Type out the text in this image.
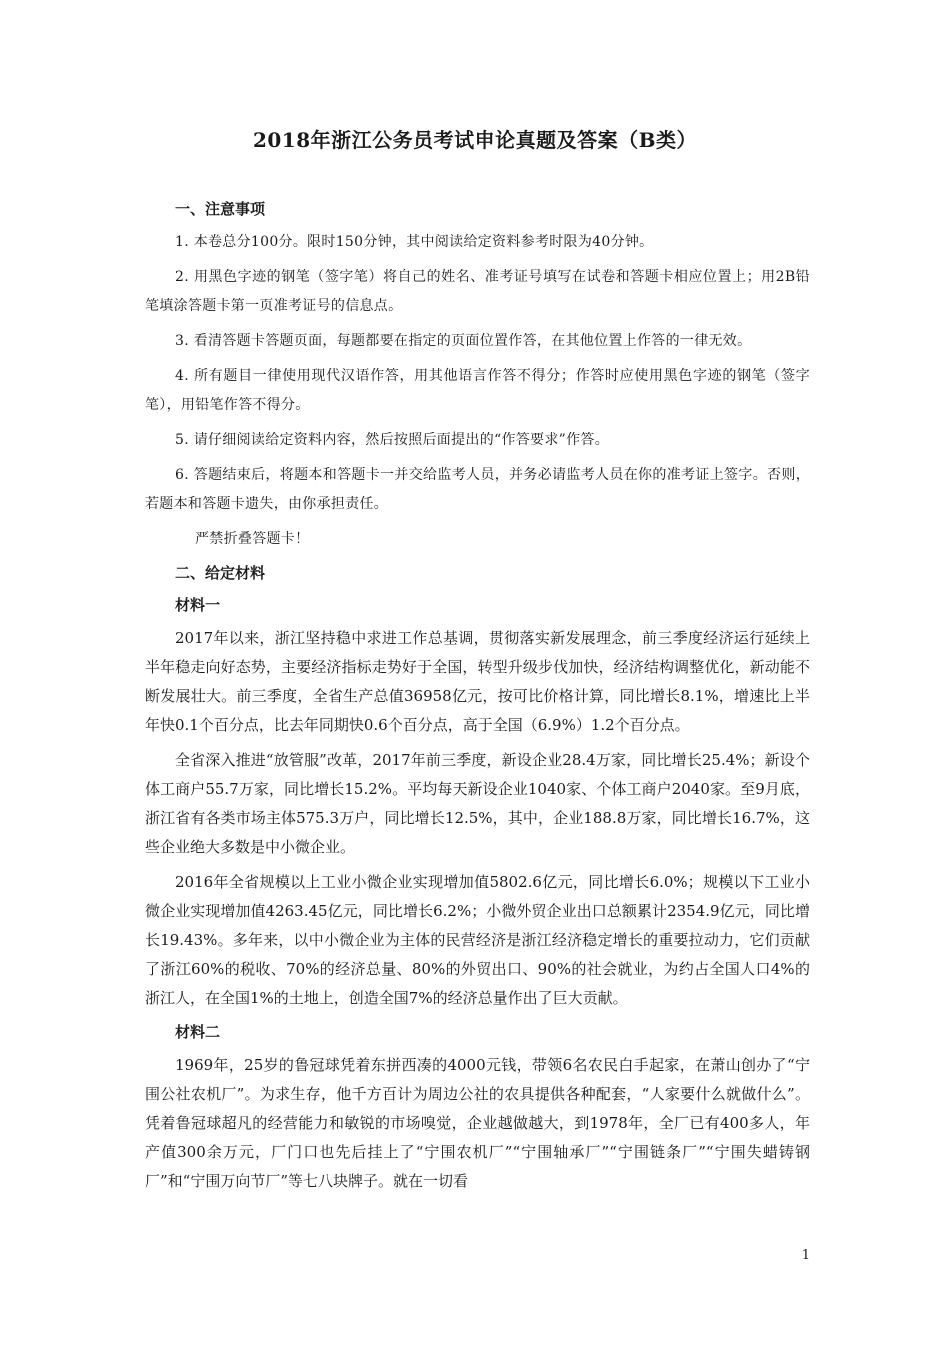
2018年浙江公务员考试申论真题及答案（B类）
一、注意事项

1. 本卷总分100分。限时150分钟，其中阅读给定资料参考时限为40分钟。

2. 用黑色字迹的钢笔（签字笔）将自己的姓名、准考证号填写在试卷和答题卡相应位置上；用2B铅笔填涂答题卡第一页准考证号的信息点。

3. 看清答题卡答题页面，每题都要在指定的页面位置作答，在其他位置上作答的一律无效。

4. 所有题目一律使用现代汉语作答，用其他语言作答不得分；作答时应使用黑色字迹的钢笔（签字笔），用铅笔作答不得分。

5. 请仔细阅读给定资料内容，然后按照后面提出的“作答要求”作答。

6. 答题结束后，将题本和答题卡一并交给监考人员，并务必请监考人员在你的准考证上签字。否则，若题本和答题卡遗失，由你承担责任。

严禁折叠答题卡！

二、给定材料
材料一

2017年以来，浙江坚持稳中求进工作总基调，贯彻落实新发展理念，前三季度经济运行延续上半年稳走向好态势，主要经济指标走势好于全国，转型升级步伐加快，经济结构调整优化，新动能不断发展壮大。前三季度，全省生产总值36958亿元，按可比价格计算，同比增长8.1%，增速比上半年快0.1个百分点，比去年同期快0.6个百分点，高于全国（6.9%）1.2个百分点。

全省深入推进“放管服”改革，2017年前三季度，新设企业28.4万家，同比增长25.4%；新设个体工商户55.7万家，同比增长15.2%。平均每天新设企业1040家、个体工商户2040家。至9月底，浙江省有各类市场主体575.3万户，同比增长12.5%，其中，企业188.8万家，同比增长16.7%，这些企业绝大多数是中小微企业。

2016年全省规模以上工业小微企业实现增加值5802.6亿元，同比增长6.0%；规模以下工业小微企业实现增加值4263.45亿元，同比增长6.2%；小微外贸企业出口总额累计2354.9亿元，同比增长19.43%。多年来，以中小微企业为主体的民营经济是浙江经济稳定增长的重要拉动力，它们贡献了浙江60%的税收、70%的经济总量、80%的外贸出口、90%的社会就业，为约占全国人口4%的浙江人，在全国1%的土地上，创造全国7%的经济总量作出了巨大贡献。

材料二

1969年，25岁的鲁冠球凭着东拼西凑的4000元钱，带领6名农民白手起家，在萧山创办了“宁围公社农机厂”。为求生存，他千方百计为周边公社的农具提供各种配套，“人家要什么就做什么”。凭着鲁冠球超凡的经营能力和敏锐的市场嗅觉，企业越做越大，到1978年，全厂已有400多人，年产值300余万元，厂门口也先后挂上了“宁围农机厂”“宁围轴承厂”“宁围链条厂”“宁围失蜡铸钢厂”和“宁围万向节厂”等七八块牌子。就在一切看

1
